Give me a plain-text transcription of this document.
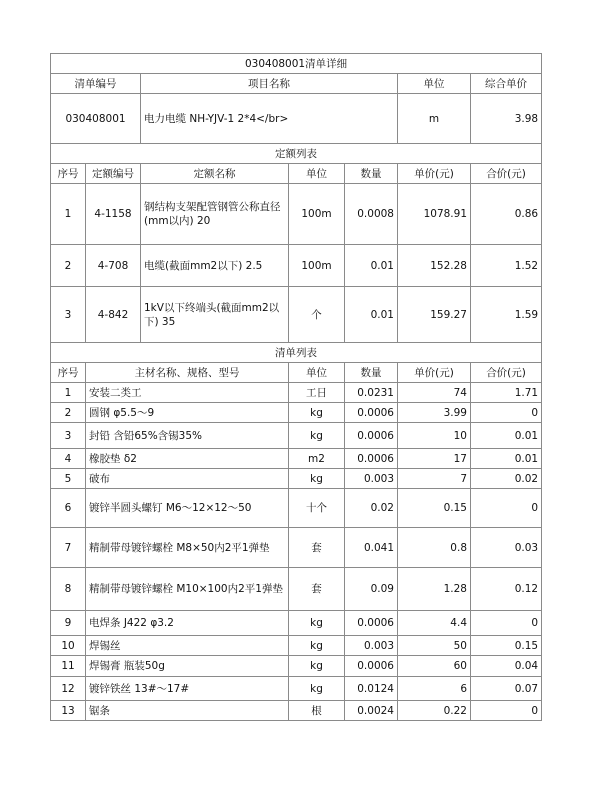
030408001清单详细						
清单编号		项目名称			单位	综合单价
030408001		电力电缆 NH-YJV-1 2*4</br>			m	3.98
定额列表						
序号	定额编号	定额名称	单位	数量	单价(元)	合价(元)
1	4-1158	钢结构支架配管钢管公称直径(mm以内) 20	100m	0.0008	1078.91	0.86
2	4-708	电缆(截面mm2以下) 2.5	100m	0.01	152.28	1.52
3	4-842	1kV以下终端头(截面mm2以下) 35	个	0.01	159.27	1.59
清单列表						
序号	主材名称、规格、型号		单位	数量	单价(元)	合价(元)
1	安装二类工		工日	0.0231	74	1.71
2	圆钢 φ5.5～9		kg	0.0006	3.99	0
3	封铅 含铅65%含锡35%		kg	0.0006	10	0.01
4	橡胶垫 δ2		m2	0.0006	17	0.01
5	破布		kg	0.003	7	0.02
6	镀锌半圆头螺钉 M6～12×12～50		十个	0.02	0.15	0
7	精制带母镀锌螺栓 M8×50内2平1弹垫		套	0.041	0.8	0.03
8	精制带母镀锌螺栓 M10×100内2平1弹垫		套	0.09	1.28	0.12
9	电焊条 J422 φ3.2		kg	0.0006	4.4	0
10	焊锡丝		kg	0.003	50	0.15
11	焊锡膏 瓶装50g		kg	0.0006	60	0.04
12	镀锌铁丝 13#～17#		kg	0.0124	6	0.07
13	锯条		根	0.0024	0.22	0
